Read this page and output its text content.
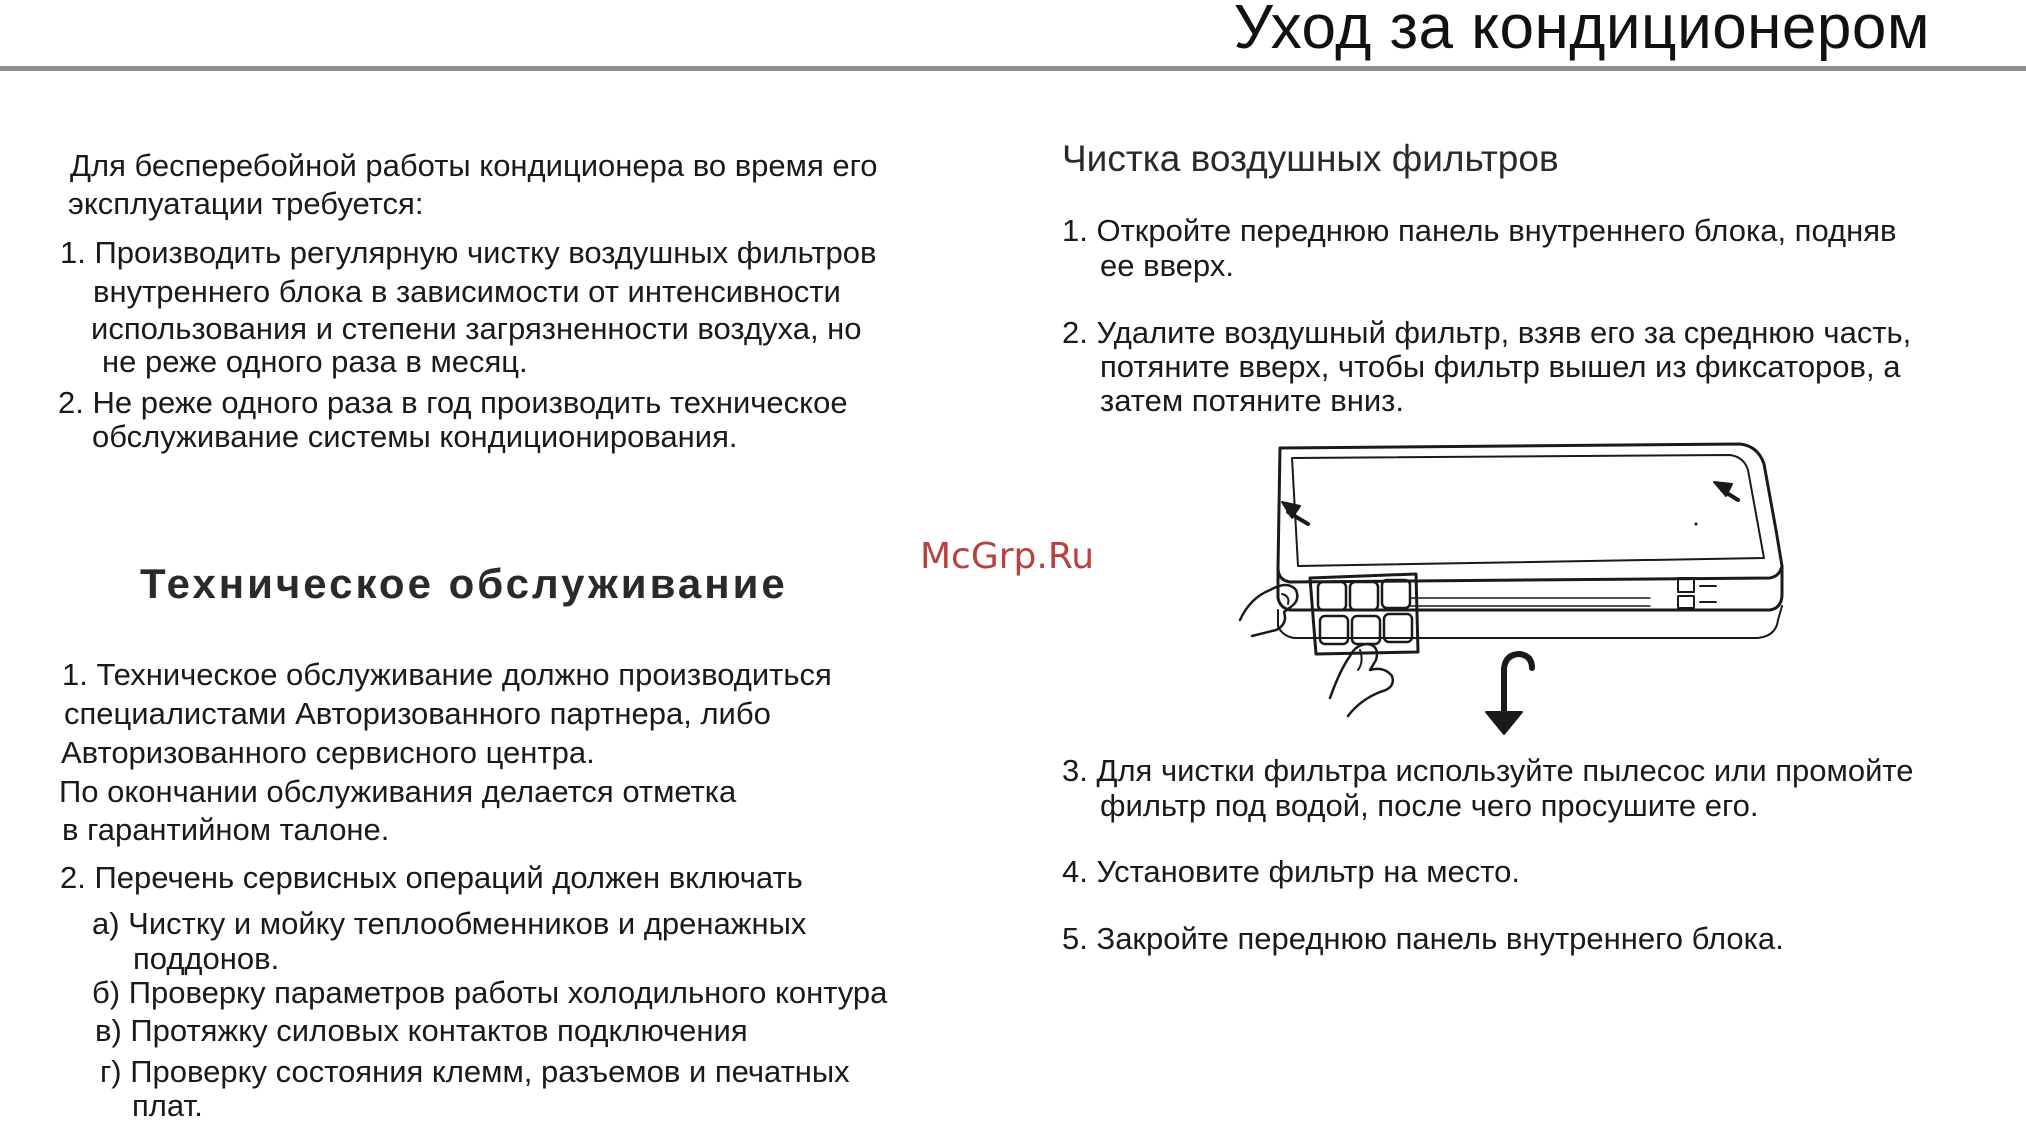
Уход за кондиционером
Для бесперебойной работы кондиционера во время его
эксплуатации требуется:
1. Производить регулярную чистку воздушных фильтров
внутреннего блока в зависимости от интенсивности
использования и степени загрязненности воздуха, но
не реже одного раза в месяц.
2. Не реже одного раза в год производить техническое
обслуживание системы кондиционирования.
Техническое обслуживание
1. Техническое обслуживание должно производиться
специалистами Авторизованного партнера, либо
Авторизованного сервисного центра.
По окончании обслуживания делается отметка
в гарантийном талоне.
2. Перечень сервисных операций должен включать
а) Чистку и мойку теплообменников и дренажных
поддонов.
б) Проверку параметров работы холодильного контура
в) Протяжку силовых контактов подключения
г) Проверку состояния клемм, разъемов и печатных
плат.
Чистка воздушных фильтров
1. Откройте переднюю панель внутреннего блока, подняв
ее вверх.
2. Удалите воздушный фильтр, взяв его за среднюю часть,
потяните вверх, чтобы фильтр вышел из фиксаторов, а
затем потяните вниз.
McGrp.Ru
3. Для чистки фильтра используйте пылесос или промойте
фильтр под водой, после чего просушите его.
4. Установите фильтр на место.
5. Закройте переднюю панель внутреннего блока.
